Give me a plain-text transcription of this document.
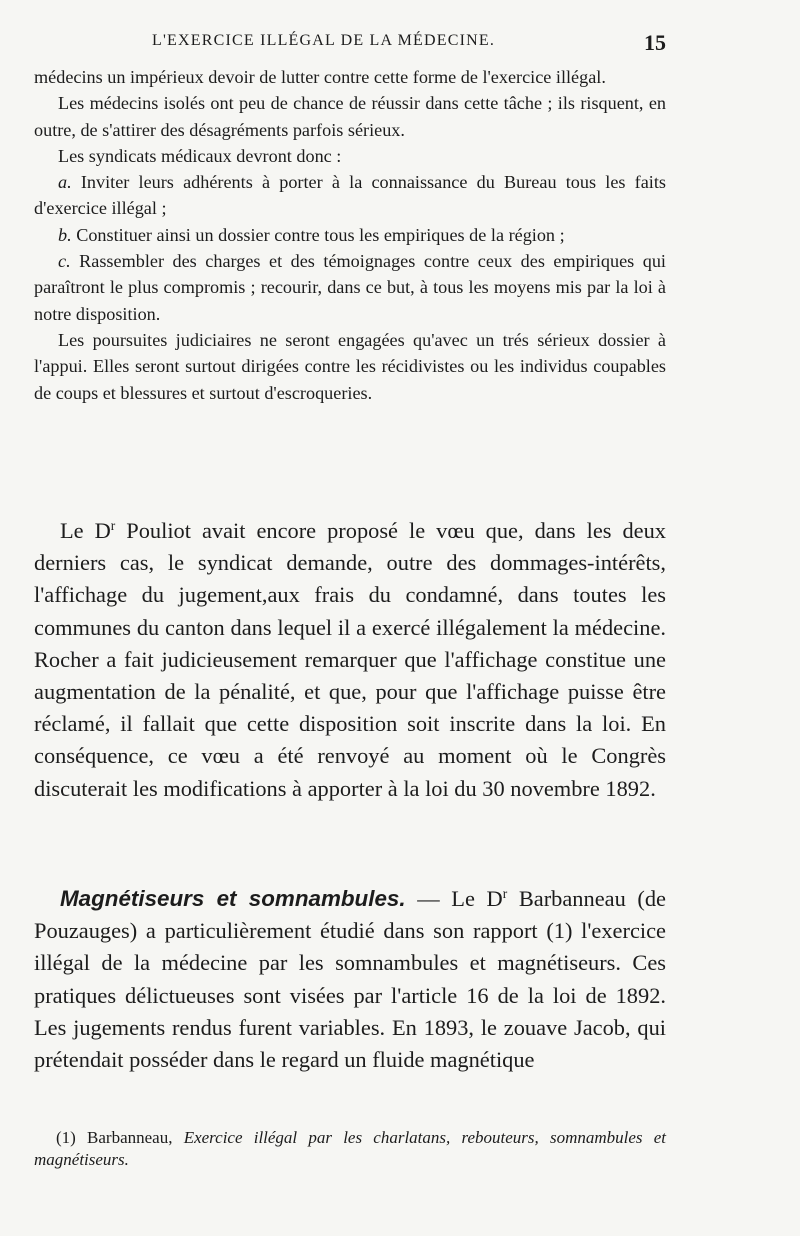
L'EXERCICE ILLÉGAL DE LA MÉDECINE.	15

médecins un impérieux devoir de lutter contre cette forme de l'exercice illégal.

Les médecins isolés ont peu de chance de réussir dans cette tâche ; ils risquent, en outre, de s'attirer des désagréments parfois sérieux.

Les syndicats médicaux devront donc :

a. Inviter leurs adhérents à porter à la connaissance du Bureau tous les faits d'exercice illégal ;

b. Constituer ainsi un dossier contre tous les empiriques de la région ;

c. Rassembler des charges et des témoignages contre ceux des empiriques qui paraîtront le plus compromis ; recourir, dans ce but, à tous les moyens mis par la loi à notre disposition.

Les poursuites judiciaires ne seront engagées qu'avec un trés sérieux dossier à l'appui. Elles seront surtout dirigées contre les récidivistes ou les individus coupables de coups et blessures et surtout d'escroqueries.

Le $D^r$ Pouliot avait encore proposé le vœu que, dans les deux derniers cas, le syndicat demande, outre des dommages-intérêts, l'affichage du jugement,aux frais du condamné, dans toutes les communes du canton dans lequel il a exercé illégalement la médecine. Rocher a fait judicieusement remarquer que l'affichage constitue une augmentation de la pénalité, et que, pour que l'affichage puisse être réclamé, il fallait que cette disposition soit inscrite dans la loi. En conséquence, ce vœu a été renvoyé au moment où le Congrès discuterait les modifications à apporter à la loi du 30 novembre 1892.

Magnétiseurs et somnambules. — Le $D^r$ Barbanneau (de Pouzauges) a particulièrement étudié dans son rapport (1) l'exercice illégal de la médecine par les somnambules et magnétiseurs. Ces pratiques délictueuses sont visées par l'article 16 de la loi de 1892. Les jugements rendus furent variables. En 1893, le zouave Jacob, qui prétendait posséder dans le regard un fluide magnétique

(1) Barbanneau, Exercice illégal par les charlatans, rebouteurs, somnambules et magnétiseurs.
